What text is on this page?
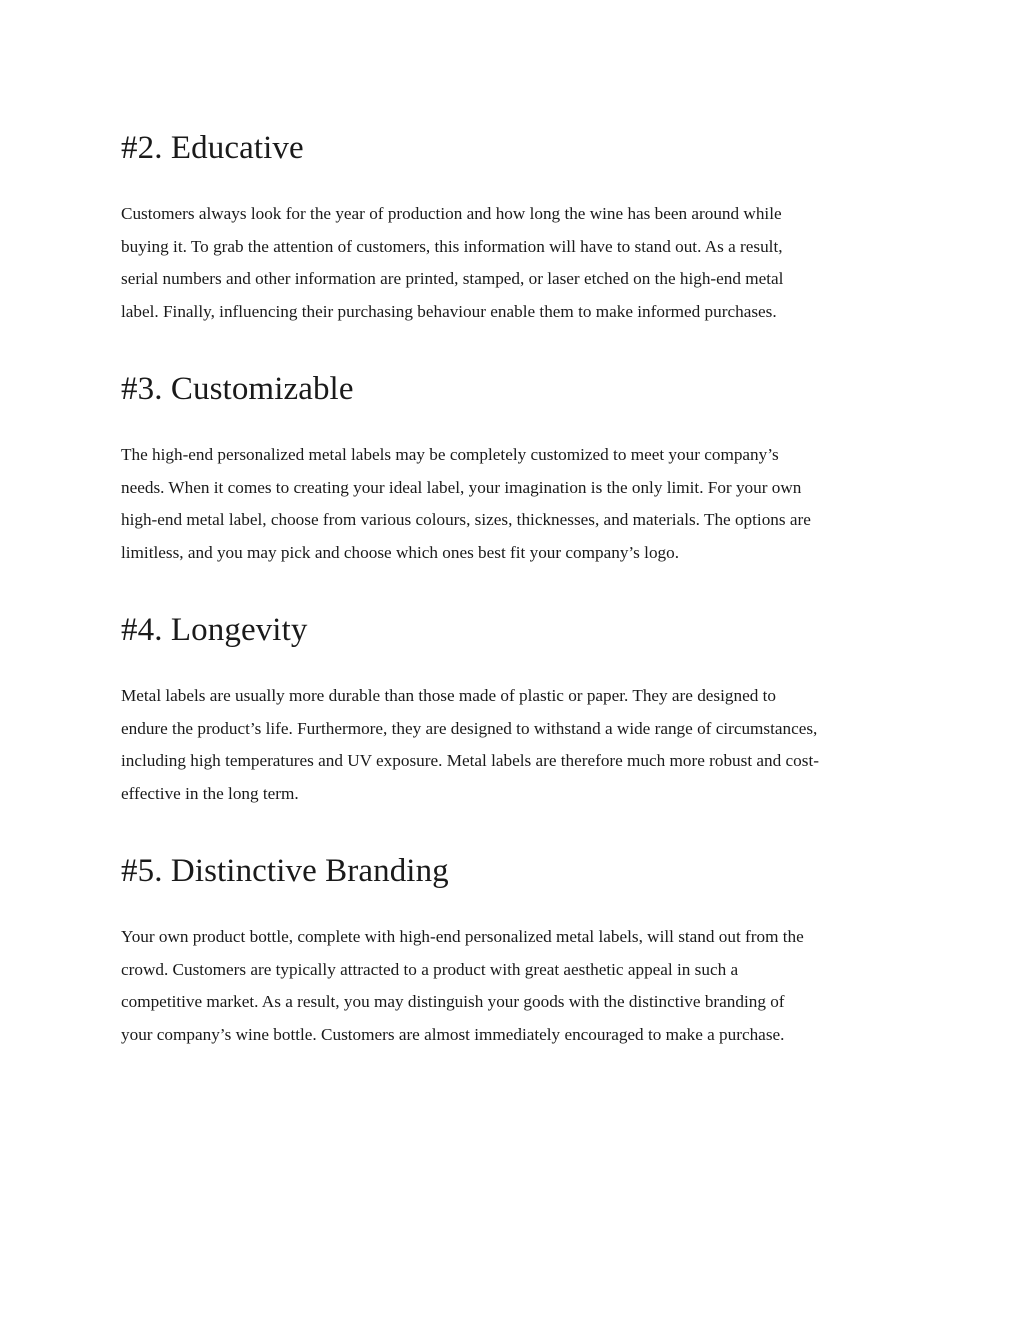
#2. Educative

Customers always look for the year of production and how long the wine has been around while
buying it. To grab the attention of customers, this information will have to stand out. As a result,
serial numbers and other information are printed, stamped, or laser etched on the high-end metal
label. Finally, influencing their purchasing behaviour enable them to make informed purchases.

#3. Customizable

The high-end personalized metal labels may be completely customized to meet your company’s
needs. When it comes to creating your ideal label, your imagination is the only limit. For your own
high-end metal label, choose from various colours, sizes, thicknesses, and materials. The options are
limitless, and you may pick and choose which ones best fit your company’s logo.

#4. Longevity

Metal labels are usually more durable than those made of plastic or paper. They are designed to
endure the product’s life. Furthermore, they are designed to withstand a wide range of circumstances,
including high temperatures and UV exposure. Metal labels are therefore much more robust and cost-
effective in the long term.

#5. Distinctive Branding

Your own product bottle, complete with high-end personalized metal labels, will stand out from the
crowd. Customers are typically attracted to a product with great aesthetic appeal in such a
competitive market. As a result, you may distinguish your goods with the distinctive branding of
your company’s wine bottle. Customers are almost immediately encouraged to make a purchase.
